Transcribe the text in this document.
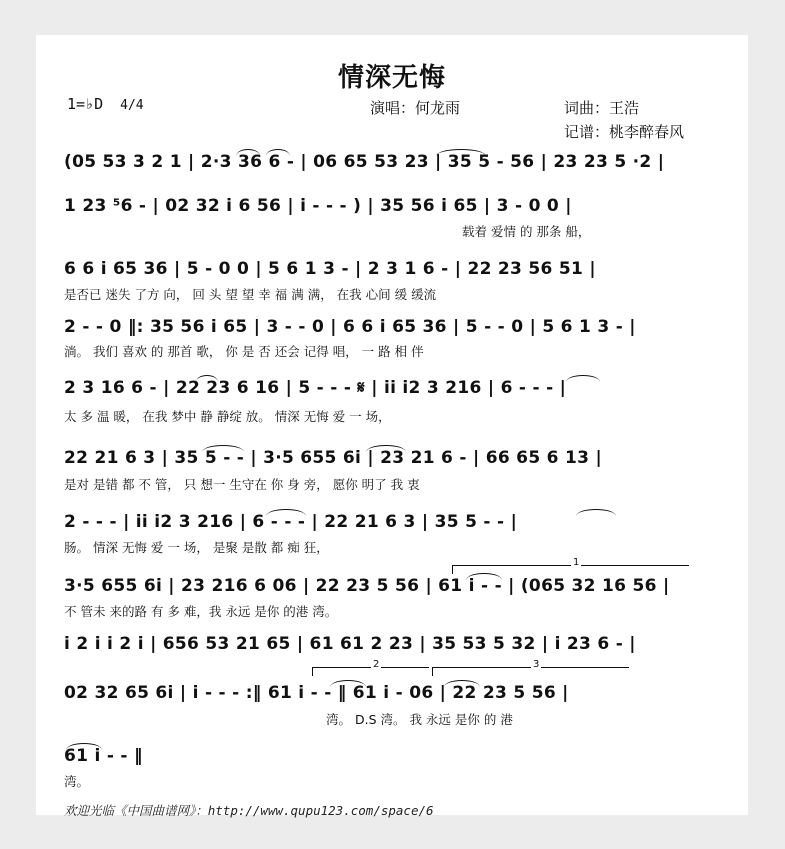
情深无悔
1=♭D 4/4	演唱：何龙雨	词曲：王浩
记谱：桃李醉春风
(05 53 3 2 1 | 2·3 36 6 - | 06 65 53 23 | 35 5 - 56 | 23 23 5 ·2 |
1 23 ⁵6 - | 02 32 i 6 56 | i - - - ) | 35 56 i 65 | 3 - 0 0 |
载着 爱情 的 那条 船，
6 6 i 65 36 | 5 - 0 0 | 5 6 1 3 - | 2 3 1 6 - | 22 23 56 51 |
是否已 迷失 了方 向， 回 头 望 望 幸 福 满 满， 在我 心间 缓 缓流
2 - - 0 ‖: 35 56 i 65 | 3 - - 0 | 6 6 i 65 36 | 5 - - 0 | 5 6 1 3 - |
淌。 我们 喜欢 的 那首 歌， 你 是 否 还会 记得 唱， 一 路 相 伴
2 3 16 6 - | 22 23 6 16 | 5 - - - 𝄋 | ii i2 3 216 | 6 - - - |
太 多 温 暖， 在我 梦中 静 静绽 放。 情深 无悔 爱 一 场，
22 21 6 3 | 35 5 - - | 3·5 655 6i | 23 21 6 - | 66 65 6 13 |
是对 是错 都 不 管， 只 想一 生守在 你 身 旁， 愿你 明了 我 衷
2 - - - | ii i2 3 216 | 6 - - - | 22 21 6 3 | 35 5 - - |
肠。 情深 无悔 爱 一 场， 是聚 是散 都 痴 狂，
1
3·5 655 6i | 23 216 6 06 | 22 23 5 56 | 61 i - - | (065 32 16 56 |
不 管未 来的路 有 多 难，我 永远 是你 的港 湾。
i 2 i i 2 i | 656 53 21 65 | 61 61 2 23 | 35 53 5 32 | i 23 6 - |
2	3
02 32 65 6i | i - - - :‖ 61 i - - ‖ 61 i - 06 | 22 23 5 56 |
湾。 D.S 湾。 我 永远 是你 的 港
61 i - - ‖
湾。
欢迎光临《中国曲谱网》：http://www.qupu123.com/space/6
